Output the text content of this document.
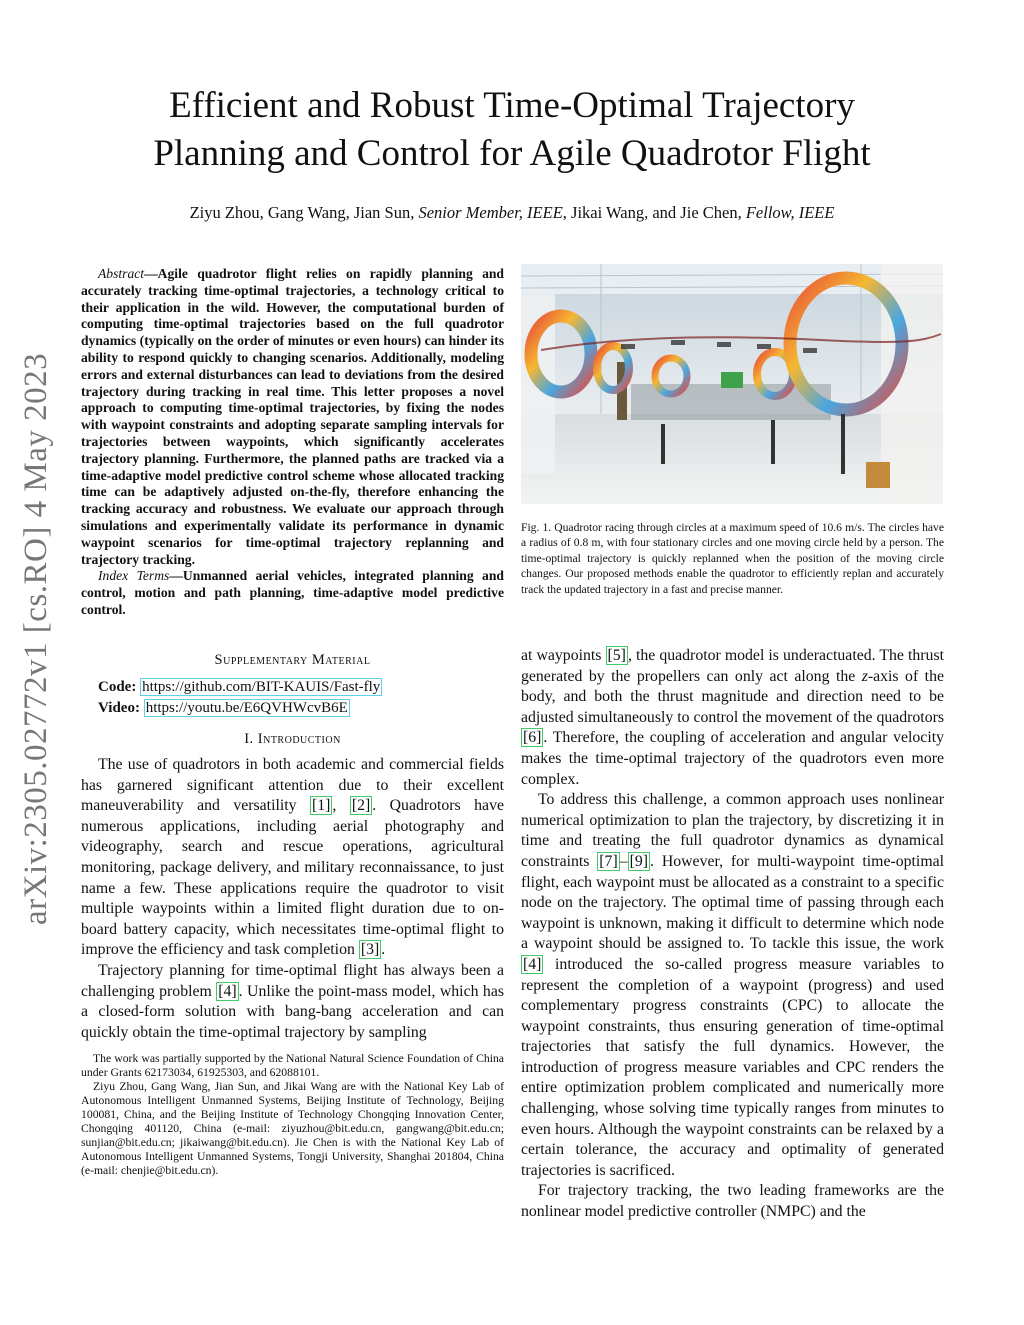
arXiv:2305.02772v1 [cs.RO] 4 May 2023
Efficient and Robust Time-Optimal Trajectory
Planning and Control for Agile Quadrotor Flight
Ziyu Zhou, Gang Wang, Jian Sun, Senior Member, IEEE, Jikai Wang, and Jie Chen, Fellow, IEEE
Abstract—Agile quadrotor flight relies on rapidly planning and accurately tracking time-optimal trajectories, a technology critical to their application in the wild. However, the computational burden of computing time-optimal trajectories based on the full quadrotor dynamics (typically on the order of minutes or even hours) can hinder its ability to respond quickly to changing scenarios. Additionally, modeling errors and external disturbances can lead to deviations from the desired trajectory during tracking in real time. This letter proposes a novel approach to computing time-optimal trajectories, by fixing the nodes with waypoint constraints and adopting separate sampling intervals for trajectories between waypoints, which significantly accelerates trajectory planning. Furthermore, the planned paths are tracked via a time-adaptive model predictive control scheme whose allocated tracking time can be adaptively adjusted on-the-fly, therefore enhancing the tracking accuracy and robustness. We evaluate our approach through simulations and experimentally validate its performance in dynamic waypoint scenarios for time-optimal trajectory replanning and trajectory tracking.
Index Terms—Unmanned aerial vehicles, integrated planning and control, motion and path planning, time-adaptive model predictive control.
Supplementary Material
Code: https://github.com/BIT-KAUIS/Fast-fly
Video: https://youtu.be/E6QVHWcvB6E
I. Introduction

The use of quadrotors in both academic and commercial fields has garnered significant attention due to their excellent maneuverability and versatility [1] , [2] . Quadrotors have numerous applications, including aerial photography and videography, search and rescue operations, agricultural monitoring, package delivery, and military reconnaissance, to just name a few. These applications require the quadrotor to visit multiple waypoints within a limited flight duration due to on-board battery capacity, which necessitates time-optimal flight to improve the efficiency and task completion [3] .

Trajectory planning for time-optimal flight has always been a challenging problem [4] . Unlike the point-mass model, which has a closed-form solution with bang-bang acceleration and can quickly obtain the time-optimal trajectory by sampling

The work was partially supported by the National Natural Science Foundation of China under Grants 62173034, 61925303, and 62088101.

Ziyu Zhou, Gang Wang, Jian Sun, and Jikai Wang are with the National Key Lab of Autonomous Intelligent Unmanned Systems, Beijing Institute of Technology, Beijing 100081, China, and the Beijing Institute of Technology Chongqing Innovation Center, Chongqing 401120, China (e-mail: ziyuzhou@bit.edu.cn, gangwang@bit.edu.cn; sunjian@bit.edu.cn; jikaiwang@bit.edu.cn). Jie Chen is with the National Key Lab of Autonomous Intelligent Unmanned Systems, Tongji University, Shanghai 201804, China (e-mail: chenjie@bit.edu.cn).

Fig. 1. Quadrotor racing through circles at a maximum speed of 10.6 m/s. The circles have a radius of 0.8 m, with four stationary circles and one moving circle held by a person. The time-optimal trajectory is quickly replanned when the position of the moving circle changes. Our proposed methods enable the quadrotor to efficiently replan and accurately track the updated trajectory in a fast and precise manner.

at waypoints [5] , the quadrotor model is underactuated. The thrust generated by the propellers can only act along the z-axis of the body, and both the thrust magnitude and direction need to be adjusted simultaneously to control the movement of the quadrotors [6] . Therefore, the coupling of acceleration and angular velocity makes the time-optimal trajectory of the quadrotors even more complex.

To address this challenge, a common approach uses nonlinear numerical optimization to plan the trajectory, by discretizing it in time and treating the full quadrotor dynamics as dynamical constraints [7] – [9] . However, for multi-waypoint time-optimal flight, each waypoint must be allocated as a constraint to a specific node on the trajectory. The optimal time of passing through each waypoint is unknown, making it difficult to determine which node a waypoint should be assigned to. To tackle this issue, the work [4] introduced the so-called progress measure variables to represent the completion of a waypoint (progress) and used complementary progress constraints (CPC) to allocate the waypoint constraints, thus ensuring generation of time-optimal trajectories that satisfy the full dynamics. However, the introduction of progress measure variables and CPC renders the entire optimization problem complicated and numerically more challenging, whose solving time typically ranges from minutes to even hours. Although the waypoint constraints can be relaxed by a certain tolerance, the accuracy and optimality of generated trajectories is sacrificed.

For trajectory tracking, the two leading frameworks are the nonlinear model predictive controller (NMPC) and the
